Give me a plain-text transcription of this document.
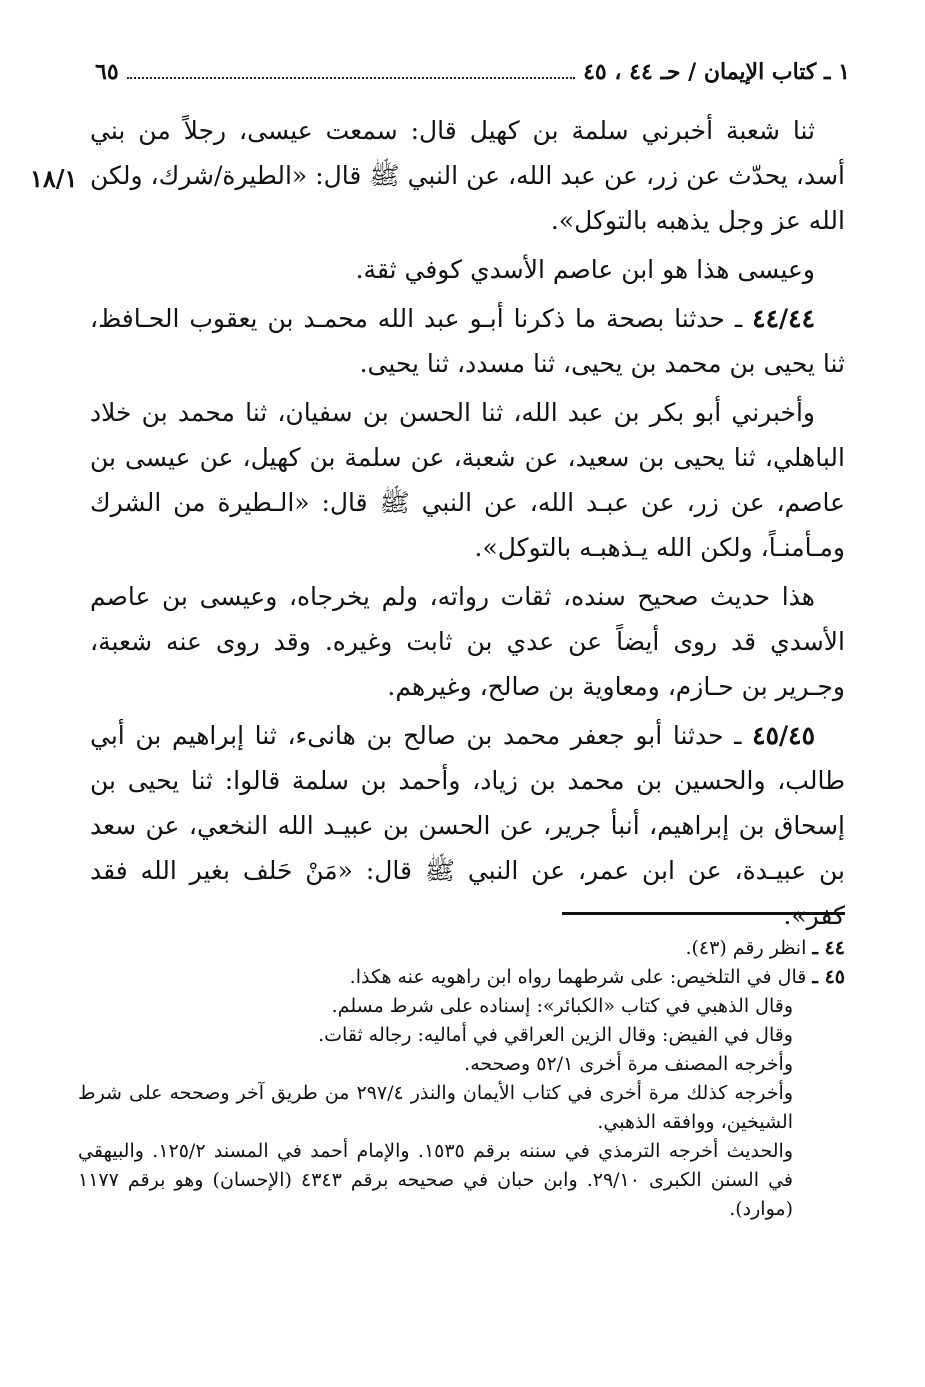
١ ـ كتاب الإيمان / حـ ٤٤ ، ٤٥
٦٥
١٨/١

ثنا شعبة أخبرني سلمة بن كهيل قال: سمعت عيسى، رجلاً من بني أسد، يحدّث عن زر، عن عبد الله، عن النبي ﷺ قال: «الطيرة/شرك، ولكن الله عز وجل يذهبه بالتوكل».

وعيسى هذا هو ابن عاصم الأسدي كوفي ثقة.

٤٤/٤٤ ـ حدثنا بصحة ما ذكرنا أبـو عبد الله محمـد بن يعقوب الحـافظ، ثنا يحيى بن محمد بن يحيى، ثنا مسدد، ثنا يحيى.

وأخبرني أبو بكر بن عبد الله، ثنا الحسن بن سفيان، ثنا محمد بن خلاد الباهلي، ثنا يحيى بن سعيد، عن شعبة، عن سلمة بن كهيل، عن عيسى بن عاصم، عن زر، عن عبـد الله، عن النبي ﷺ قال: «الـطيرة من الشرك ومـأمنـاً، ولكن الله يـذهبـه بالتوكل».

هذا حديث صحيح سنده، ثقات رواته، ولم يخرجاه، وعيسى بن عاصم الأسدي قد روى أيضاً عن عدي بن ثابت وغيره. وقد روى عنه شعبة، وجـرير بن حـازم، ومعاوية بن صالح، وغيرهم.

٤٥/٤٥ ـ حدثنا أبو جعفر محمد بن صالح بن هانىء، ثنا إبراهيم بن أبي طالب، والحسين بن محمد بن زياد، وأحمد بن سلمة قالوا: ثنا يحيى بن إسحاق بن إبراهيم، أنبأ جرير، عن الحسن بن عبيـد الله النخعي، عن سعد بن عبيـدة، عن ابن عمر، عن النبي ﷺ قال: «مَنْ حَلف بغير الله فقد كفر».

٤٤ ـ انظر رقم (٤٣).

٤٥ ـ قال في التلخيص: على شرطهما رواه ابن راهويه عنه هكذا.

وقال الذهبي في كتاب «الكبائر»: إسناده على شرط مسلم.

وقال في الفيض: وقال الزين العراقي في أماليه: رجاله ثقات.

وأخرجه المصنف مرة أخرى ٥٢/١ وصححه.

وأخرجه كذلك مرة أخرى في كتاب الأيمان والنذر ٢٩٧/٤ من طريق آخر وصححه على شرط الشيخين، ووافقه الذهبي.

والحديث أخرجه الترمذي في سننه برقم ١٥٣٥. والإمام أحمد في المسند ١٢٥/٢. والبيهقي في السنن الكبرى ٢٩/١٠. وابن حبان في صحيحه برقم ٤٣٤٣ (الإحسان) وهو برقم ١١٧٧ (موارد).
